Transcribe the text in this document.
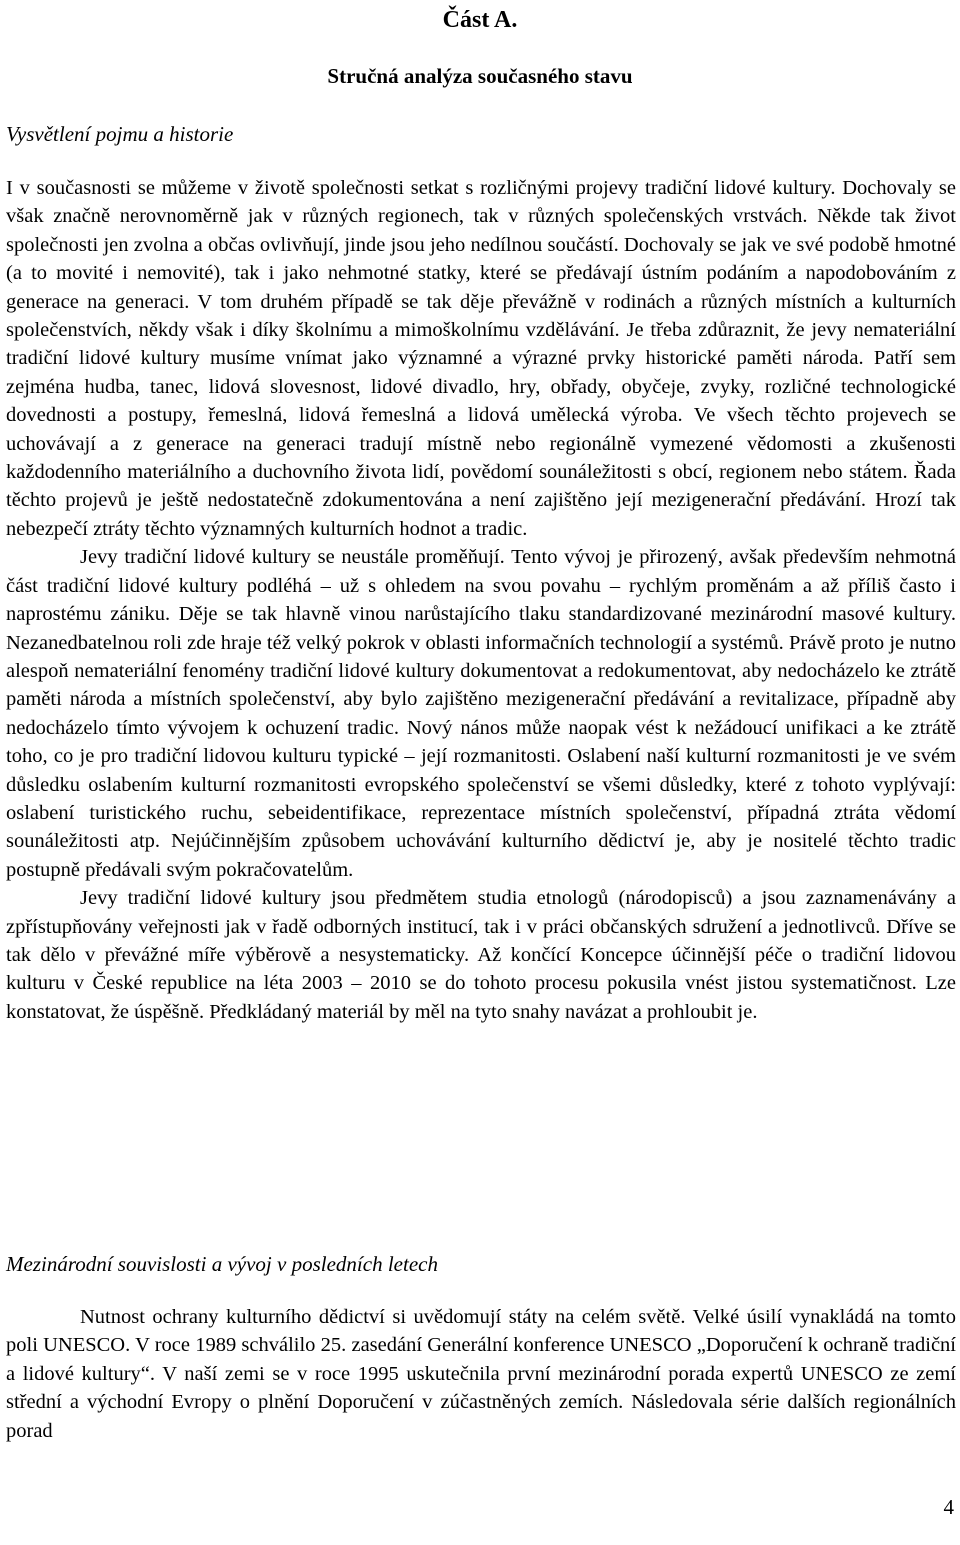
Část A.
Stručná analýza současného stavu
Vysvětlení pojmu a historie

I v současnosti se můžeme v životě společnosti setkat s rozličnými projevy tradiční lidové kultury. Dochovaly se však značně nerovnoměrně jak v různých regionech, tak v různých společenských vrstvách. Někde tak život společnosti jen zvolna a občas ovlivňují, jinde jsou jeho nedílnou součástí. Dochovaly se jak ve své podobě hmotné (a to movité i nemovité), tak i jako nehmotné statky, které se předávají ústním podáním a napodobováním z generace na generaci. V tom druhém případě se tak děje převážně v rodinách a různých místních a kulturních společenstvích, někdy však i díky školnímu a mimoškolnímu vzdělávání. Je třeba zdůraznit, že jevy nemateriální tradiční lidové kultury musíme vnímat jako významné a výrazné prvky historické paměti národa. Patří sem zejména hudba, tanec, lidová slovesnost, lidové divadlo, hry, obřady, obyčeje, zvyky, rozličné technologické dovednosti a postupy, řemeslná, lidová řemeslná a lidová umělecká výroba. Ve všech těchto projevech se uchovávají a z generace na generaci tradují místně nebo regionálně vymezené vědomosti a zkušenosti každodenního materiálního a duchovního života lidí, povědomí sounáležitosti s obcí, regionem nebo státem. Řada těchto projevů je ještě nedostatečně zdokumentována a není zajištěno její mezigenerační předávání. Hrozí tak nebezpečí ztráty těchto významných kulturních hodnot a tradic.

Jevy tradiční lidové kultury se neustále proměňují. Tento vývoj je přirozený, avšak především nehmotná část tradiční lidové kultury podléhá – už s ohledem na svou povahu – rychlým proměnám a až příliš často i naprostému zániku. Děje se tak hlavně vinou narůstajícího tlaku standardizované mezinárodní masové kultury. Nezanedbatelnou roli zde hraje též velký pokrok v oblasti informačních technologií a systémů. Právě proto je nutno alespoň nemateriální fenomény tradiční lidové kultury dokumentovat a redokumentovat, aby nedocházelo ke ztrátě paměti národa a místních společenství, aby bylo zajištěno mezigenerační předávání a revitalizace, případně aby nedocházelo tímto vývojem k ochuzení tradic. Nový nános může naopak vést k nežádoucí unifikaci a ke ztrátě toho, co je pro tradiční lidovou kulturu typické – její rozmanitosti. Oslabení naší kulturní rozmanitosti je ve svém důsledku oslabením kulturní rozmanitosti evropského společenství se všemi důsledky, které z tohoto vyplývají: oslabení turistického ruchu, sebeidentifikace, reprezentace místních společenství, případná ztráta vědomí sounáležitosti atp. Nejúčinnějším způsobem uchovávání kulturního dědictví je, aby je nositelé těchto tradic postupně předávali svým pokračovatelům.

Jevy tradiční lidové kultury jsou předmětem studia etnologů (národopisců) a jsou zaznamenávány a zpřístupňovány veřejnosti jak v řadě odborných institucí, tak i v práci občanských sdružení a jednotlivců. Dříve se tak dělo v převážné míře výběrově a nesystematicky. Až končící Koncepce účinnější péče o tradiční lidovou kulturu v České republice na léta 2003 – 2010 se do tohoto procesu pokusila vnést jistou systematičnost. Lze konstatovat, že úspěšně. Předkládaný materiál by měl na tyto snahy navázat a prohloubit je.

Mezinárodní souvislosti a vývoj v posledních letech

Nutnost ochrany kulturního dědictví si uvědomují státy na celém světě. Velké úsilí vynakládá na tomto poli UNESCO. V roce 1989 schválilo 25. zasedání Generální konference UNESCO „Doporučení k ochraně tradiční a lidové kultury“. V naší zemi se v roce 1995 uskutečnila první mezinárodní porada expertů UNESCO ze zemí střední a východní Evropy o plnění Doporučení v zúčastněných zemích. Následovala série dalších regionálních porad

4
